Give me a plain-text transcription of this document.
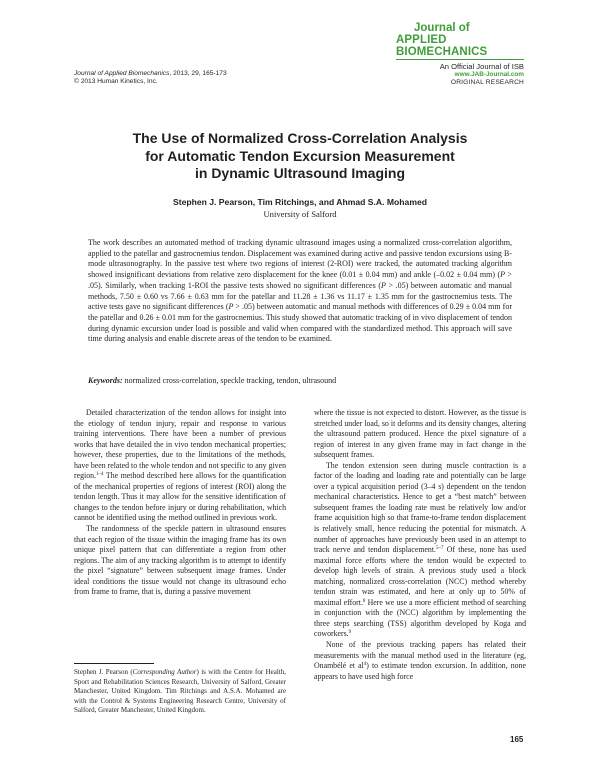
Journal of Applied Biomechanics, 2013, 29, 165-173
© 2013 Human Kinetics, Inc.
Journal of
APPLIED BIOMECHANICS
An Official Journal of ISB
www.JAB-Journal.com
ORIGINAL RESEARCH
The Use of Normalized Cross-Correlation Analysis
for Automatic Tendon Excursion Measurement
in Dynamic Ultrasound Imaging
Stephen J. Pearson, Tim Ritchings, and Ahmad S.A. Mohamed
University of Salford
The work describes an automated method of tracking dynamic ultrasound images using a normalized cross-correlation algorithm, applied to the patellar and gastrocnemius tendon. Displacement was examined during active and passive tendon excursions using B-mode ultrasonography. In the passive test where two regions of interest (2-ROI) were tracked, the automated tracking algorithm showed insignificant deviations from relative zero displacement for the knee (0.01 ± 0.04 mm) and ankle (–0.02 ± 0.04 mm) (P > .05). Similarly, when tracking 1-ROI the passive tests showed no significant differences (P > .05) between automatic and manual methods, 7.50 ± 0.60 vs 7.66 ± 0.63 mm for the patellar and 11.28 ± 1.36 vs 11.17 ± 1.35 mm for the gastrocnemius tests. The active tests gave no significant differences (P > .05) between automatic and manual methods with differences of 0.29 ± 0.04 mm for the patellar and 0.26 ± 0.01 mm for the gastrocnemius. This study showed that automatic tracking of in vivo displacement of tendon during dynamic excursion under load is possible and valid when compared with the standardized method. This approach will save time during analysis and enable discrete areas of the tendon to be examined.
Keywords: normalized cross-correlation, speckle tracking, tendon, ultrasound

Detailed characterization of the tendon allows for insight into the etiology of tendon injury, repair and response to various training interventions. There have been a number of previous works that have detailed the in vivo tendon mechanical properties; however, these properties, due to the limitations of the methods, have been related to the whole tendon and not specific to any given region.$^{1-4}$ The method described here allows for the quantification of the mechanical properties of regions of interest (ROI) along the tendon length. Thus it may allow for the sensitive identification of changes to the tendon before injury or during rehabilitation, which cannot be identified using the method outlined in previous work.

The randomness of the speckle pattern in ultrasound ensures that each region of the tissue within the imaging frame has its own unique pixel pattern that can differentiate a region from other regions. The aim of any tracking algorithm is to attempt to identify the pixel “signature” between subsequent image frames. Under ideal conditions the tissue would not change its ultrasound echo from frame to frame, that is, during a passive movement

Stephen J. Pearson (Corresponding Author) is with the Centre for Health, Sport and Rehabilitation Sciences Research, University of Salford, Greater Manchester, United Kingdom. Tim Ritchings and A.S.A. Mohamed are with the Control & Systems Engineering Research Centre, University of Salford, Greater Manchester, United Kingdom.

where the tissue is not expected to distort. However, as the tissue is stretched under load, so it deforms and its density changes, altering the ultrasound pattern produced. Hence the pixel signature of a region of interest in any given frame may in fact change in the subsequent frames.

The tendon extension seen during muscle contraction is a factor of the loading and loading rate and potentially can be large over a typical acquisition period (3–4 s) dependent on the tendon mechanical characteristics. Hence to get a “best match” between subsequent frames the loading rate must be relatively low and/or frame acquisition high so that frame-to-frame tendon displacement is relatively small, hence reducing the potential for mismatch. A number of approaches have previously been used in an attempt to track nerve and tendon displacement.$^{5-7}$ Of these, none has used maximal force efforts where the tendon would be expected to develop high levels of strain. A previous study used a block matching, normalized cross-correlation (NCC) method whereby tendon strain was estimated, and here at only up to 50% of maximal effort.$^8$ Here we use a more efficient method of searching in conjunction with the (NCC) algorithm by implementing the three steps searching (TSS) algorithm developed by Koga and coworkers.$^9$

None of the previous tracking papers has related their measurements with the manual method used in the literature (eg, Onambélé et $al^4$) to estimate tendon excursion. In addition, none appears to have used high force

165
